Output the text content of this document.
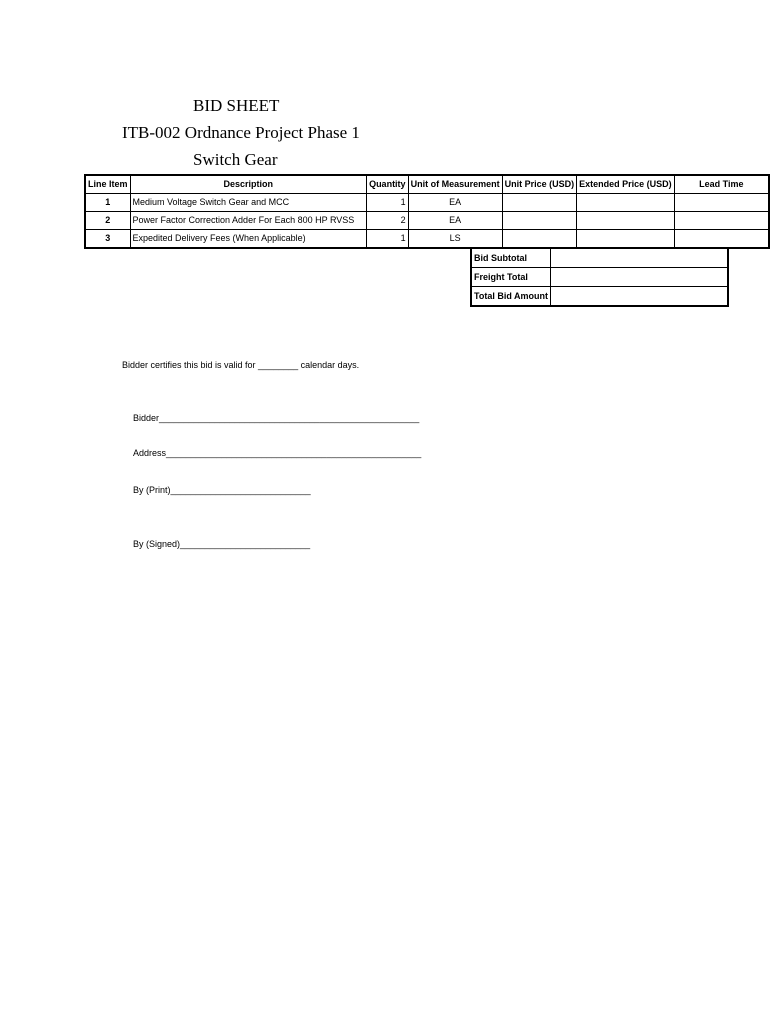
BID SHEET
ITB-002 Ordnance Project Phase 1
Switch Gear
Line Item	Description	Quantity	Unit of Measurement	Unit Price (USD)	Extended Price (USD)	Lead Time
1	Medium Voltage Switch Gear and MCC	1	EA			
2	Power Factor Correction Adder For Each 800 HP RVSS	2	EA			
3	Expedited Delivery Fees (When Applicable)	1	LS			
Bid Subtotal	
Freight Total	
Total Bid Amount	
Bidder certifies this bid is valid for ________ calendar days.
Bidder____________________________________________________
Address___________________________________________________
By (Print)____________________________
By (Signed)__________________________
